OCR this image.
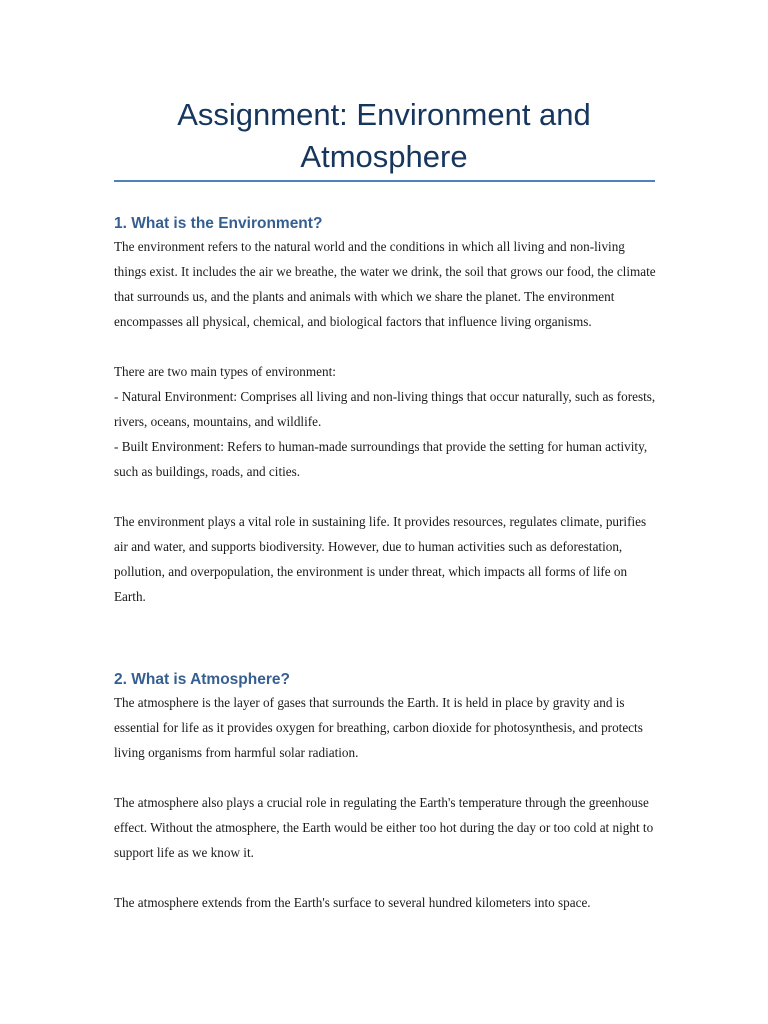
Assignment: Environment and
Atmosphere
1. What is the Environment?

The environment refers to the natural world and the conditions in which all living and non-living things exist. It includes the air we breathe, the water we drink, the soil that grows our food, the climate that surrounds us, and the plants and animals with which we share the planet. The environment encompasses all physical, chemical, and biological factors that influence living organisms.

There are two main types of environment:

- Natural Environment: Comprises all living and non-living things that occur naturally, such as forests, rivers, oceans, mountains, and wildlife.

- Built Environment: Refers to human-made surroundings that provide the setting for human activity, such as buildings, roads, and cities.

The environment plays a vital role in sustaining life. It provides resources, regulates climate, purifies air and water, and supports biodiversity. However, due to human activities such as deforestation, pollution, and overpopulation, the environment is under threat, which impacts all forms of life on Earth.

2. What is Atmosphere?

The atmosphere is the layer of gases that surrounds the Earth. It is held in place by gravity and is essential for life as it provides oxygen for breathing, carbon dioxide for photosynthesis, and protects living organisms from harmful solar radiation.

The atmosphere also plays a crucial role in regulating the Earth's temperature through the greenhouse effect. Without the atmosphere, the Earth would be either too hot during the day or too cold at night to support life as we know it.

The atmosphere extends from the Earth's surface to several hundred kilometers into space.
